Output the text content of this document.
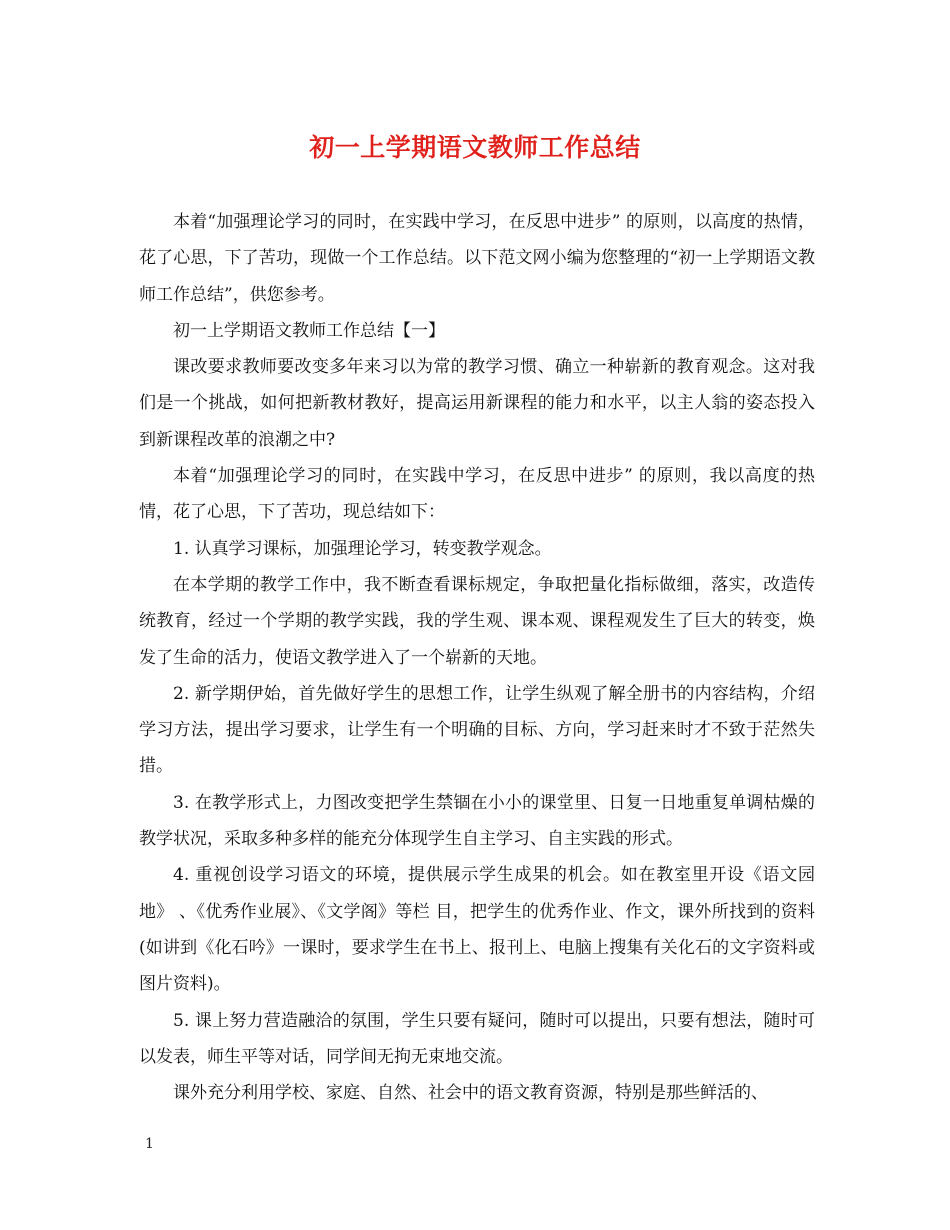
初一上学期语文教师工作总结

本着“加强理论学习的同时，在实践中学习，在反思中进步” 的原则，以高度的热情，花了心思，下了苦功，现做一个工作总结。以下范文网小编为您整理的“初一上学期语文教师工作总结”，供您参考。

初一上学期语文教师工作总结【一】

课改要求教师要改变多年来习以为常的教学习惯、确立一种崭新的教育观念。这对我们是一个挑战，如何把新教材教好，提高运用新课程的能力和水平，以主人翁的姿态投入到新课程改革的浪潮之中?

本着“加强理论学习的同时，在实践中学习，在反思中进步” 的原则，我以高度的热情，花了心思，下了苦功，现总结如下：

1. 认真学习课标，加强理论学习，转变教学观念。

在本学期的教学工作中，我不断查看课标规定，争取把量化指标做细，落实，改造传统教育，经过一个学期的教学实践，我的学生观、课本观、课程观发生了巨大的转变，焕发了生命的活力，使语文教学进入了一个崭新的天地。

2. 新学期伊始，首先做好学生的思想工作，让学生纵观了解全册书的内容结构，介绍学习方法，提出学习要求，让学生有一个明确的目标、方向，学习赶来时才不致于茫然失措。

3. 在教学形式上，力图改变把学生禁锢在小小的课堂里、日复一日地重复单调枯燥的教学状况，采取多种多样的能充分体现学生自主学习、自主实践的形式。

4. 重视创设学习语文的环境，提供展示学生成果的机会。如在教室里开设《语文园地》 、《优秀作业展》、《文学阁》等栏 目，把学生的优秀作业、作文，课外所找到的资料(如讲到《化石吟》一课时，要求学生在书上、报刊上、电脑上搜集有关化石的文字资料或图片资料)。

5. 课上努力营造融洽的氛围，学生只要有疑问，随时可以提出，只要有想法，随时可以发表，师生平等对话，同学间无拘无束地交流。

课外充分利用学校、家庭、自然、社会中的语文教育资源，特别是那些鲜活的、

1
